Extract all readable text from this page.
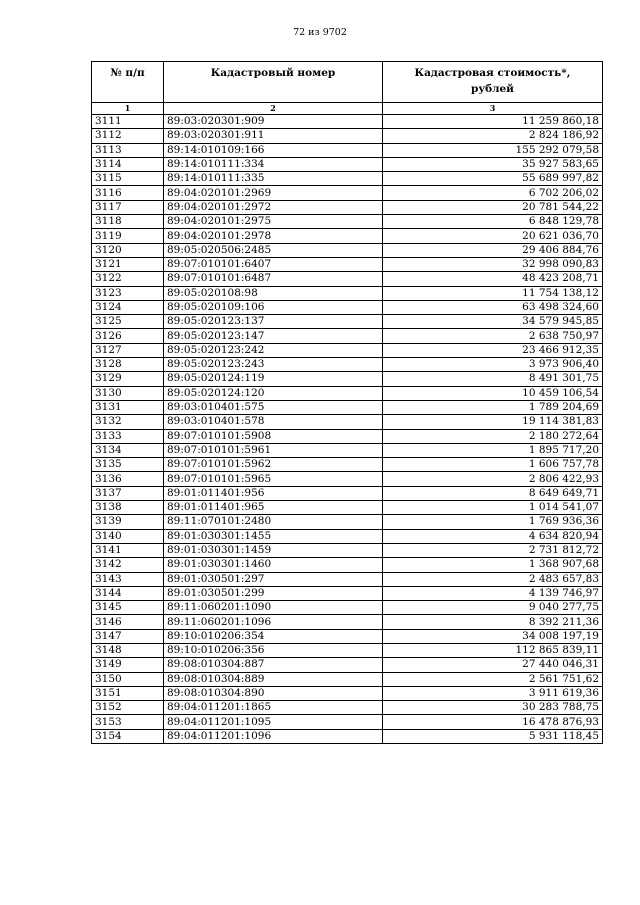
72 из 9702
№ п/п	Кадастровый номер	Кадастровая стоимость*,
рублей
1	2	3
3111	89:03:020301:909	11 259 860,18
3112	89:03:020301:911	2 824 186,92
3113	89:14:010109:166	155 292 079,58
3114	89:14:010111:334	35 927 583,65
3115	89:14:010111:335	55 689 997,82
3116	89:04:020101:2969	6 702 206,02
3117	89:04:020101:2972	20 781 544,22
3118	89:04:020101:2975	6 848 129,78
3119	89:04:020101:2978	20 621 036,70
3120	89:05:020506:2485	29 406 884,76
3121	89:07:010101:6407	32 998 090,83
3122	89:07:010101:6487	48 423 208,71
3123	89:05:020108:98	11 754 138,12
3124	89:05:020109:106	63 498 324,60
3125	89:05:020123:137	34 579 945,85
3126	89:05:020123:147	2 638 750,97
3127	89:05:020123:242	23 466 912,35
3128	89:05:020123:243	3 973 906,40
3129	89:05:020124:119	8 491 301,75
3130	89:05:020124:120	10 459 106,54
3131	89:03:010401:575	1 789 204,69
3132	89:03:010401:578	19 114 381,83
3133	89:07:010101:5908	2 180 272,64
3134	89:07:010101:5961	1 895 717,20
3135	89:07:010101:5962	1 606 757,78
3136	89:07:010101:5965	2 806 422,93
3137	89:01:011401:956	8 649 649,71
3138	89:01:011401:965	1 014 541,07
3139	89:11:070101:2480	1 769 936,36
3140	89:01:030301:1455	4 634 820,94
3141	89:01:030301:1459	2 731 812,72
3142	89:01:030301:1460	1 368 907,68
3143	89:01:030501:297	2 483 657,83
3144	89:01:030501:299	4 139 746,97
3145	89:11:060201:1090	9 040 277,75
3146	89:11:060201:1096	8 392 211,36
3147	89:10:010206:354	34 008 197,19
3148	89:10:010206:356	112 865 839,11
3149	89:08:010304:887	27 440 046,31
3150	89:08:010304:889	2 561 751,62
3151	89:08:010304:890	3 911 619,36
3152	89:04:011201:1865	30 283 788,75
3153	89:04:011201:1095	16 478 876,93
3154	89:04:011201:1096	5 931 118,45
